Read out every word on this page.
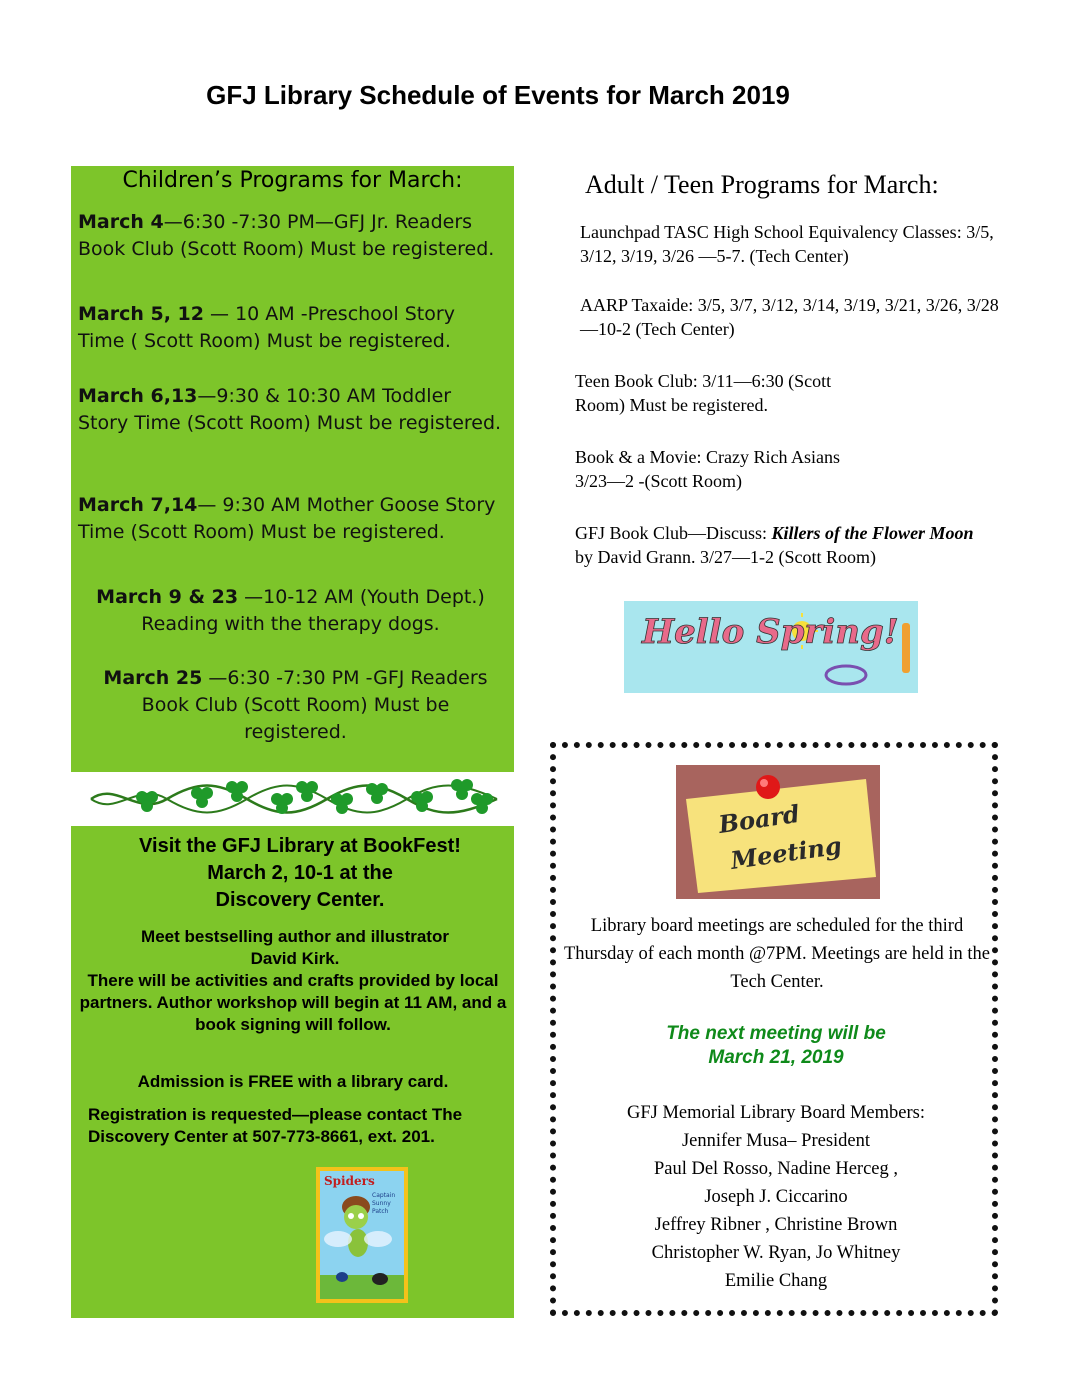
GFJ Library Schedule of Events for March 2019
Children’s Programs for March:
March 4—6:30 -7:30 PM—GFJ Jr. Readers Book Club (Scott Room) Must be registered.
March 5, 12 — 10 AM -Preschool Story Time ( Scott Room) Must be registered.
March 6,13—9:30 & 10:30 AM Toddler Story Time (Scott Room) Must be registered.
March 7,14— 9:30 AM Mother Goose Story Time (Scott Room) Must be registered.
March 9 & 23 —10-12 AM (Youth Dept.) Reading with the therapy dogs.
March 25 —6:30 -7:30 PM -GFJ Readers Book Club (Scott Room) Must be registered.
Visit the GFJ Library at BookFest!
March 2, 10-1 at the
Discovery Center.
Meet bestselling author and illustrator David Kirk.
There will be activities and crafts provided by local partners. Author workshop will begin at 11 AM, and a book signing will follow.
Admission is FREE with a library card.
Registration is requested—please contact The Discovery Center at 507-773-8661, ext. 201.
Spiders
Captain
Sunny
Patch
Adult / Teen Programs for March:
Launchpad TASC High School Equivalency Classes: 3/5, 3/12, 3/19, 3/26 —5-7. (Tech Center)
AARP Taxaide: 3/5, 3/7, 3/12, 3/14, 3/19, 3/21, 3/26, 3/28—10-2 (Tech Center)
Teen Book Club: 3/11—6:30 (Scott Room) Must be registered.
Book & a Movie: Crazy Rich Asians
3/23—2 -(Scott Room)
GFJ Book Club—Discuss: Killers of the Flower Moon by David Grann. 3/27—1-2 (Scott Room)
Hello Spring!
Board
Meeting
Library board meetings are scheduled for the third Thursday of each month @7PM. Meetings are held in the Tech Center.
The next meeting will be
March 21, 2019
GFJ Memorial Library Board Members:
Jennifer Musa– President
Paul Del Rosso, Nadine Herceg ,
Joseph J. Ciccarino
Jeffrey Ribner , Christine Brown
Christopher W. Ryan, Jo Whitney
Emilie Chang
